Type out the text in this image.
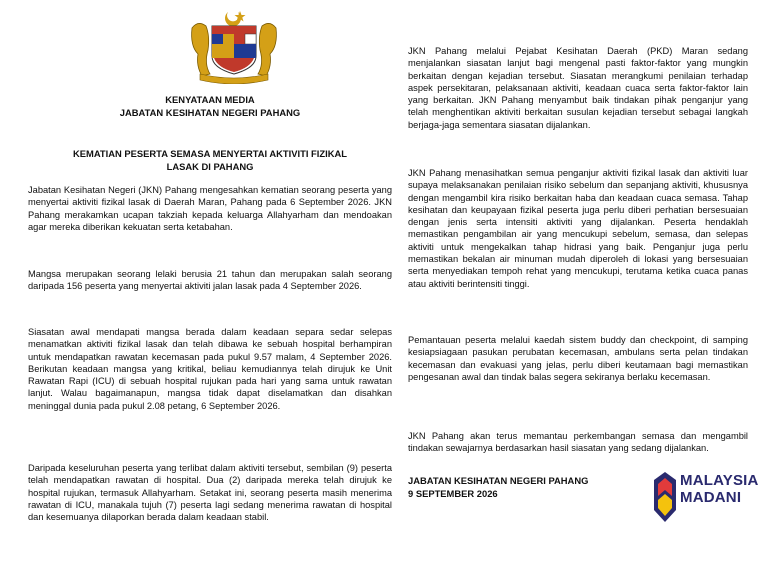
KENYATAAN MEDIA
JABATAN KESIHATAN NEGERI PAHANG
KEMATIAN PESERTA SEMASA MENYERTAI AKTIVITI FIZIKAL
LASAK DI PAHANG

Jabatan Kesihatan Negeri (JKN) Pahang mengesahkan kematian seorang peserta yang menyertai aktiviti fizikal lasak di Daerah Maran, Pahang pada 6 September 2026. JKN Pahang merakamkan ucapan takziah kepada keluarga Allahyarham dan mendoakan agar mereka diberikan kekuatan serta ketabahan.

Mangsa merupakan seorang lelaki berusia 21 tahun dan merupakan salah seorang daripada 156 peserta yang menyertai aktiviti jalan lasak pada 4 September 2026.

Siasatan awal mendapati mangsa berada dalam keadaan separa sedar selepas menamatkan aktiviti fizikal lasak dan telah dibawa ke sebuah hospital berhampiran untuk mendapatkan rawatan kecemasan pada pukul 9.57 malam, 4 September 2026. Berikutan keadaan mangsa yang kritikal, beliau kemudiannya telah dirujuk ke Unit Rawatan Rapi (ICU) di sebuah hospital rujukan pada hari yang sama untuk rawatan lanjut. Walau bagaimanapun, mangsa tidak dapat diselamatkan dan disahkan meninggal dunia pada pukul 2.08 petang, 6 September 2026.

Daripada keseluruhan peserta yang terlibat dalam aktiviti tersebut, sembilan (9) peserta telah mendapatkan rawatan di hospital. Dua (2) daripada mereka telah dirujuk ke hospital rujukan, termasuk Allahyarham. Setakat ini, seorang peserta masih menerima rawatan di ICU, manakala tujuh (7) peserta lagi sedang menerima rawatan di hospital dan kesemuanya dilaporkan berada dalam keadaan stabil.

JKN Pahang melalui Pejabat Kesihatan Daerah (PKD) Maran sedang menjalankan siasatan lanjut bagi mengenal pasti faktor-faktor yang mungkin berkaitan dengan kejadian tersebut. Siasatan merangkumi penilaian terhadap aspek persekitaran, pelaksanaan aktiviti, keadaan cuaca serta faktor-faktor lain yang berkaitan. JKN Pahang menyambut baik tindakan pihak penganjur yang telah menghentikan aktiviti berkaitan susulan kejadian tersebut sebagai langkah berjaga-jaga sementara siasatan dijalankan.

JKN Pahang menasihatkan semua penganjur aktiviti fizikal lasak dan aktiviti luar supaya melaksanakan penilaian risiko sebelum dan sepanjang aktiviti, khususnya dengan mengambil kira risiko berkaitan haba dan keadaan cuaca semasa. Tahap kesihatan dan keupayaan fizikal peserta juga perlu diberi perhatian bersesuaian dengan jenis serta intensiti aktiviti yang dijalankan. Peserta hendaklah memastikan pengambilan air yang mencukupi sebelum, semasa, dan selepas aktiviti untuk mengekalkan tahap hidrasi yang baik. Penganjur juga perlu memastikan bekalan air minuman mudah diperoleh di lokasi yang bersesuaian serta menyediakan tempoh rehat yang mencukupi, terutama ketika cuaca panas atau aktiviti berintensiti tinggi.

Pemantauan peserta melalui kaedah sistem buddy dan checkpoint, di samping kesiapsiagaan pasukan perubatan kecemasan, ambulans serta pelan tindakan kecemasan dan evakuasi yang jelas, perlu diberi keutamaan bagi memastikan pengesanan awal dan tindak balas segera sekiranya berlaku kecemasan.

JKN Pahang akan terus memantau perkembangan semasa dan mengambil tindakan sewajarnya berdasarkan hasil siasatan yang sedang dijalankan.

JABATAN KESIHATAN NEGERI PAHANG
9 SEPTEMBER 2026
MALAYSIA
MADANI
